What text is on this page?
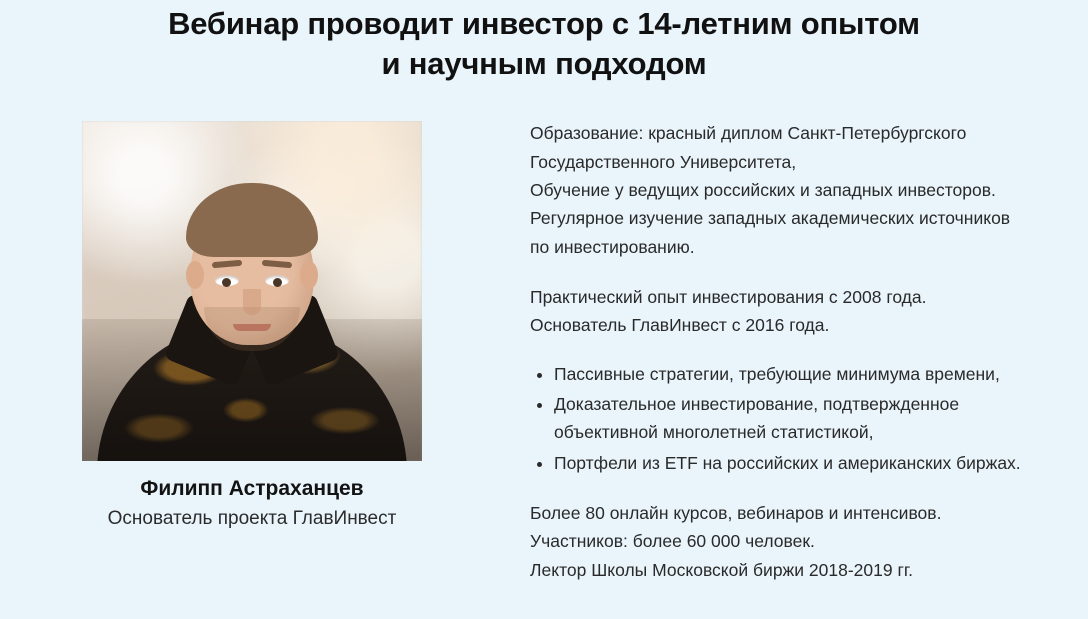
Вебинар проводит инвестор с 14-летним опытом
и научным подходом
Филипп Астраханцев
Основатель проекта ГлавИнвест

Образование: красный диплом Санкт-Петербургского
Государственного Университета,
Обучение у ведущих российских и западных инвесторов.
Регулярное изучение западных академических источников
по инвестированию.

Практический опыт инвестирования с 2008 года.
Основатель ГлавИнвест с 2016 года.

• Пассивные стратегии, требующие минимума времени,
• Доказательное инвестирование, подтвержденное объективной многолетней статистикой,
• Портфели из ETF на российских и американских биржах.

Более 80 онлайн курсов, вебинаров и интенсивов.
Участников: более 60 000 человек.
Лектор Школы Московской биржи 2018-2019 гг.
